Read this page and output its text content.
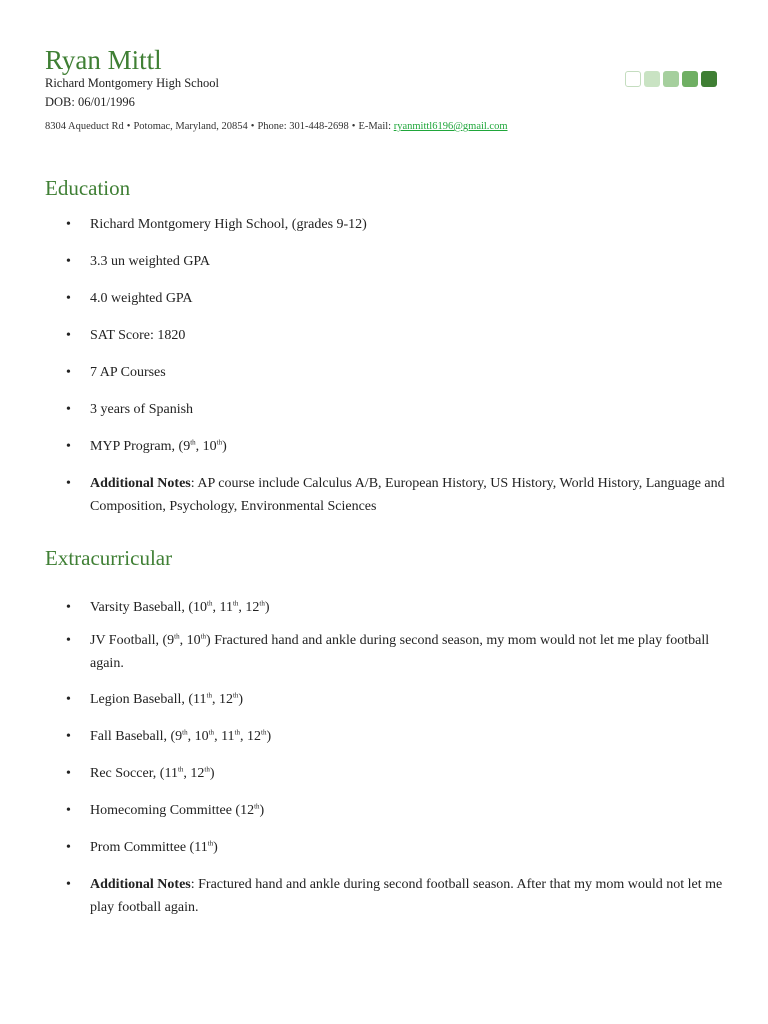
Ryan Mittl
Richard Montgomery High School
DOB: 06/01/1996
8304 Aqueduct Rd • Potomac, Maryland, 20854 • Phone: 301-448-2698 • E-Mail: ryanmittl6196@gmail.com
Education
• Richard Montgomery High School, (grades 9-12)
• 3.3 un weighted GPA
• 4.0 weighted GPA
• SAT Score: 1820
• 7 AP Courses
• 3 years of Spanish
• MYP Program, (9th, 10th)
• Additional Notes: AP course include Calculus A/B, European History, US History, World History, Language and Composition, Psychology, Environmental Sciences
Extracurricular
• Varsity Baseball, (10th, 11th, 12th)
• JV Football, (9th, 10th) Fractured hand and ankle during second season, my mom would not let me play football again.
• Legion Baseball, (11th, 12th)
• Fall Baseball, (9th, 10th, 11th, 12th)
• Rec Soccer, (11th, 12th)
• Homecoming Committee (12th)
• Prom Committee (11th)
• Additional Notes: Fractured hand and ankle during second football season. After that my mom would not let me play football again.
